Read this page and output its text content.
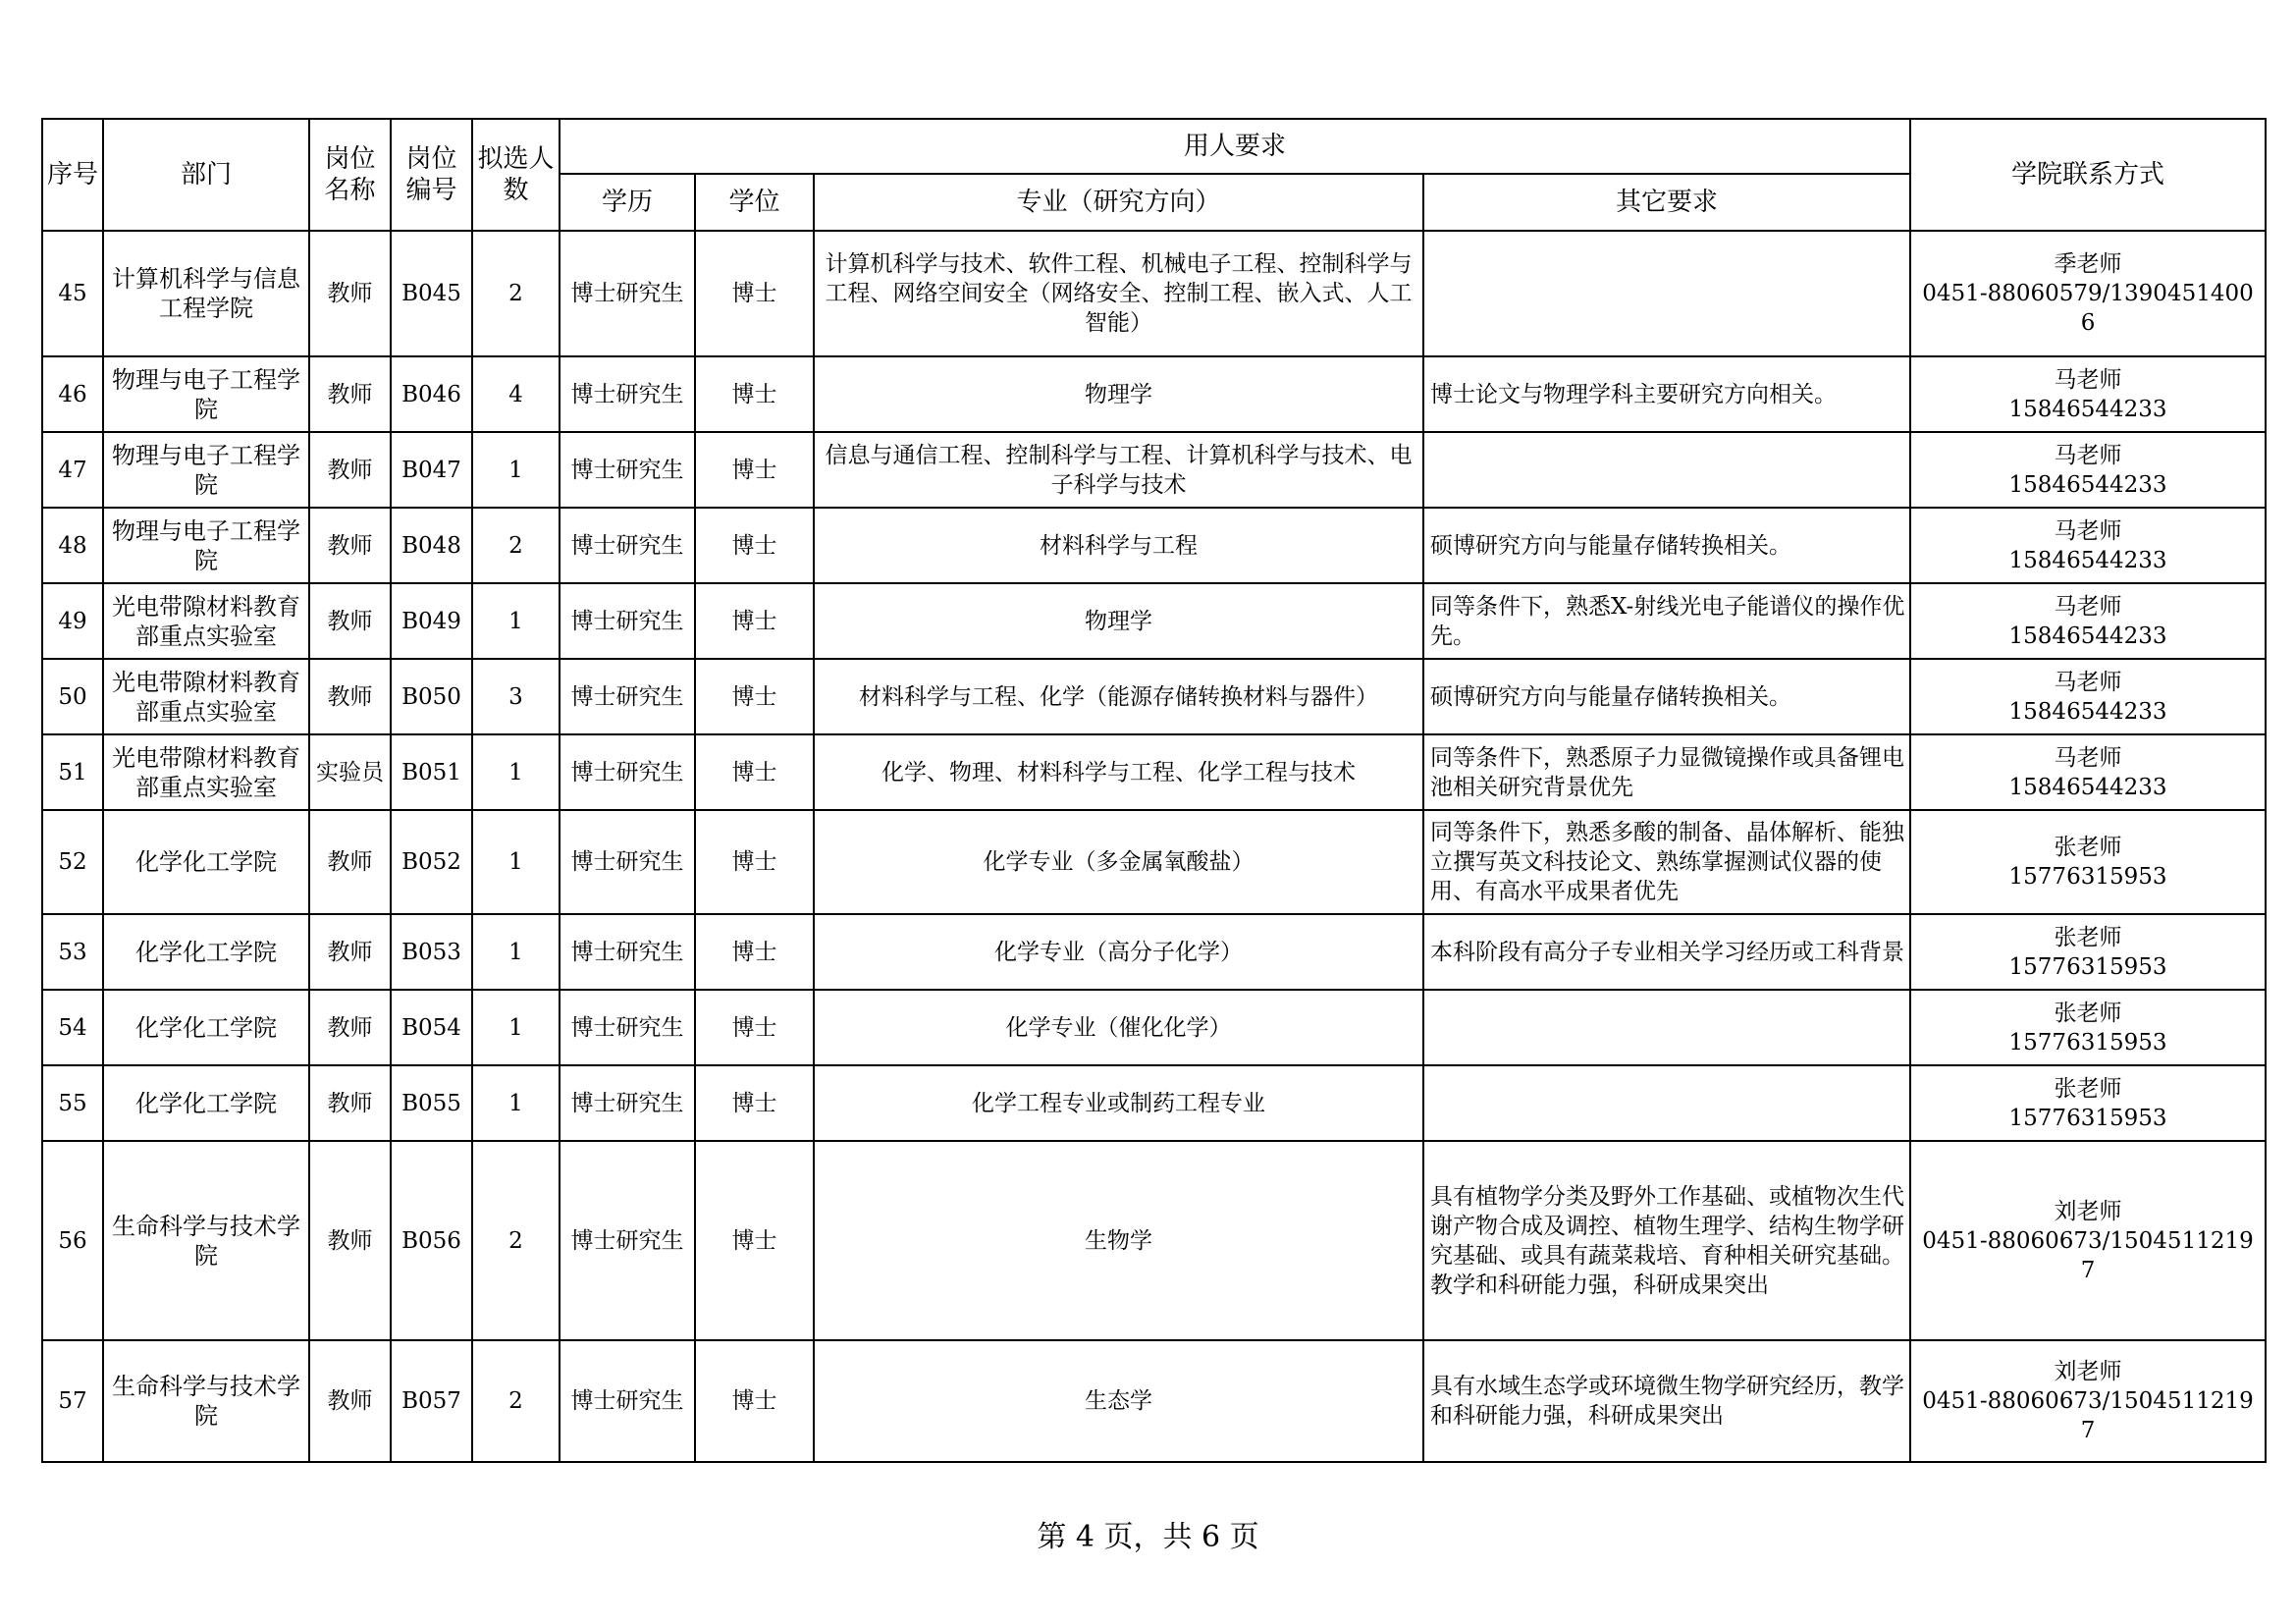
序号	部门	岗位名称	岗位编号	拟选人数	用人要求				学院联系方式
					学历	学位	专业（研究方向）	其它要求	
45	计算机科学与信息工程学院	教师	B045	2	博士研究生	博士	计算机科学与技术、软件工程、机械电子工程、控制科学与工程、网络空间安全（网络安全、控制工程、嵌入式、人工智能）		季老师
0451-88060579/13904514006

46	物理与电子工程学院	教师	B046	4	博士研究生	博士	物理学	博士论文与物理学科主要研究方向相关。	马老师
15846544233

47	物理与电子工程学院	教师	B047	1	博士研究生	博士	信息与通信工程、控制科学与工程、计算机科学与技术、电子科学与技术		马老师
15846544233

48	物理与电子工程学院	教师	B048	2	博士研究生	博士	材料科学与工程	硕博研究方向与能量存储转换相关。	马老师
15846544233

49	光电带隙材料教育部重点实验室	教师	B049	1	博士研究生	博士	物理学	同等条件下，熟悉X-射线光电子能谱仪的操作优先。	马老师
15846544233

50	光电带隙材料教育部重点实验室	教师	B050	3	博士研究生	博士	材料科学与工程、化学（能源存储转换材料与器件）	硕博研究方向与能量存储转换相关。	马老师
15846544233

51	光电带隙材料教育部重点实验室	实验员	B051	1	博士研究生	博士	化学、物理、材料科学与工程、化学工程与技术	同等条件下，熟悉原子力显微镜操作或具备锂电池相关研究背景优先	马老师
15846544233

52	化学化工学院	教师	B052	1	博士研究生	博士	化学专业（多金属氧酸盐）	同等条件下，熟悉多酸的制备、晶体解析、能独立撰写英文科技论文、熟练掌握测试仪器的使用、有高水平成果者优先	张老师
15776315953

53	化学化工学院	教师	B053	1	博士研究生	博士	化学专业（高分子化学）	本科阶段有高分子专业相关学习经历或工科背景	张老师
15776315953

54	化学化工学院	教师	B054	1	博士研究生	博士	化学专业（催化化学）		张老师
15776315953

55	化学化工学院	教师	B055	1	博士研究生	博士	化学工程专业或制药工程专业		张老师
15776315953

56	生命科学与技术学院	教师	B056	2	博士研究生	博士	生物学	具有植物学分类及野外工作基础、或植物次生代谢产物合成及调控、植物生理学、结构生物学研究基础、或具有蔬菜栽培、育种相关研究基础。教学和科研能力强，科研成果突出	刘老师
0451-88060673/15045112197

57	生命科学与技术学院	教师	B057	2	博士研究生	博士	生态学	具有水域生态学或环境微生物学研究经历，教学和科研能力强，科研成果突出	刘老师
0451-88060673/15045112197
第 4 页，共 6 页
